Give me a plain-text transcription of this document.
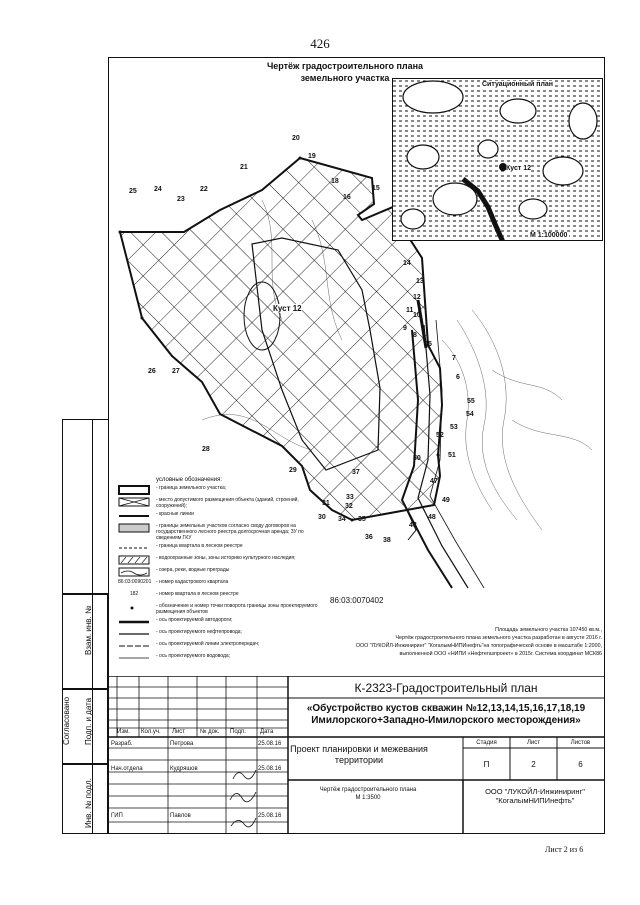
426
Согласовано
Взам. инв. №
Подп. и дата
Инв. № подл.
Чертёж градостроительного плана
земельного участка
20
19
21
18
22
16
15
23
24
25
14
13
12
11
10
9
8
5
7
6
55
54
53
52
51
50
26 27
28
29
47
49
30
31 32
33
34 35
36
37
38
48
43
Куст 12
Ситуационный план
Куст 12
М 1:100000
условные обозначения:
- граница земельного участка;
- место допустимого размещения объекта (зданий, строений, сооружений);
- красные линии
- границы земельных участков согласно своду договоров на государственного лесного реестра долгосрочная аренда; ЗУ по сведениям ГКУ
- граница квартала в лесном реестре
- водоохранные зоны, зоны историко культурного наследия;
- озера, реки, водные преграды
86:03:0090201 - номер кадастрового квартала
182	- номер квартала в лесном реестре
- обозначение и номер точки поворота границы зоны проектируемого размещения объектов
- ось проектируемой автодороги;
- ось проектируемого нефтепровода;
- ось проектируемой линии электропередач;
- ось проектируемого водовода;
86:03:0070402
Площадь земельного участка 107450 кв.м.,
Чертёж градостроительного плана земельного участка разработан в августе 2016 г.
ООО "ЛУКОЙЛ-Инжиниринг" "КогалымНИПИнефть"на топографической основе в масштабе 1:2000,
выполненной ООО «НИПИ «Нефтегазпроект» в 2015г. Система координат МСК86
Изм. Кол.уч. Лист № док. Подп. Дата
Разраб.	Петрова	25.08.16
Нач.отдела	Кудряшов	25.08.16
ГИП	Павлов	25.08.16
К-2323-Градостроительный план
«Обустройство кустов скважин №12,13,14,15,16,17,18,19
Имилорского+Западно-Имилорского месторождения»
Проект планировки и межевания территории
Стадия	Лист	Листов
П	2	6
Чертёж градостроительного плана
М 1:3500
ООО "ЛУКОЙЛ-Инжиниринг"
"КогалымНИПИнефть"
Лист 2 из 6
